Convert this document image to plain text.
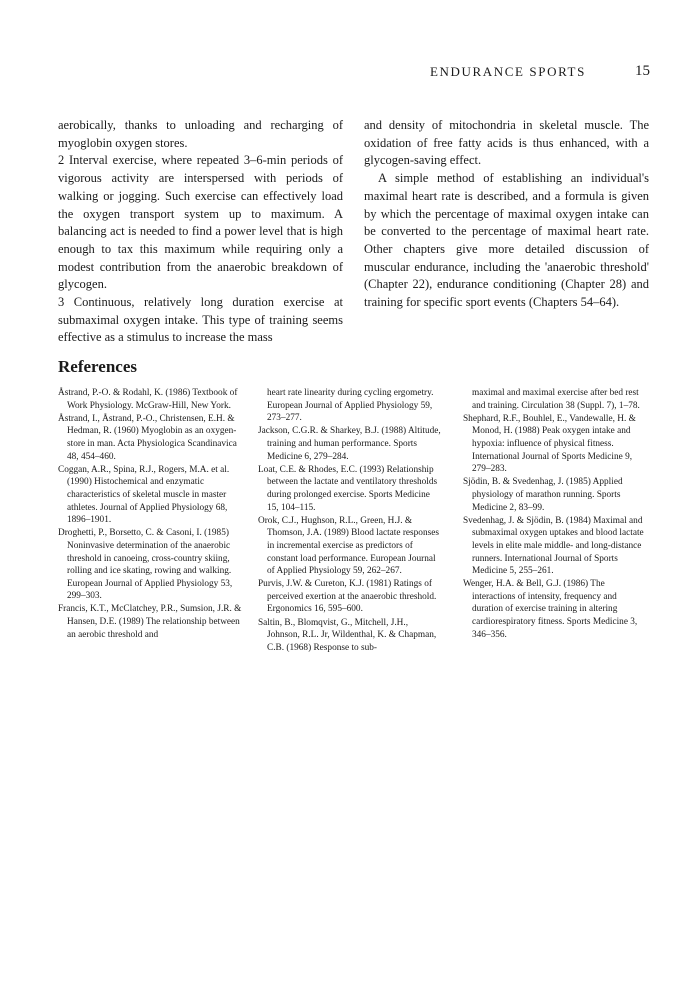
ENDURANCE SPORTS	15

aerobically, thanks to unloading and recharging of myoglobin oxygen stores.

2 Interval exercise, where repeated 3–6-min periods of vigorous activity are interspersed with periods of walking or jogging. Such exercise can effectively load the oxygen transport system up to maximum. A balancing act is needed to find a power level that is high enough to tax this maximum while requiring only a modest contribution from the anaerobic breakdown of glycogen.

3 Continuous, relatively long duration exercise at submaximal oxygen intake. This type of training seems effective as a stimulus to increase the mass

and density of mitochondria in skeletal muscle. The oxidation of free fatty acids is thus enhanced, with a glycogen-saving effect.

A simple method of establishing an individual's maximal heart rate is described, and a formula is given by which the percentage of maximal oxygen intake can be converted to the percentage of maximal heart rate. Other chapters give more detailed discussion of muscular endurance, including the 'anaerobic threshold' (Chapter 22), endurance conditioning (Chapter 28) and training for specific sport events (Chapters 54–64).

References

Åstrand, P.-O. & Rodahl, K. (1986) Textbook of Work Physiology. McGraw-Hill, New York.

Åstrand, I., Åstrand, P.-O., Christensen, E.H. & Hedman, R. (1960) Myoglobin as an oxygen-store in man. Acta Physiologica Scandinavica 48, 454–460.

Coggan, A.R., Spina, R.J., Rogers, M.A. et al. (1990) Histochemical and enzymatic characteristics of skeletal muscle in master athletes. Journal of Applied Physiology 68, 1896–1901.

Droghetti, P., Borsetto, C. & Casoni, I. (1985) Noninvasive determination of the anaerobic threshold in canoeing, cross-country skiing, rolling and ice skating, rowing and walking. European Journal of Applied Physiology 53, 299–303.

Francis, K.T., McClatchey, P.R., Sumsion, J.R. & Hansen, D.E. (1989) The relationship between an aerobic threshold and

heart rate linearity during cycling ergometry. European Journal of Applied Physiology 59, 273–277.

Jackson, C.G.R. & Sharkey, B.J. (1988) Altitude, training and human performance. Sports Medicine 6, 279–284.

Loat, C.E. & Rhodes, E.C. (1993) Relationship between the lactate and ventilatory thresholds during prolonged exercise. Sports Medicine 15, 104–115.

Orok, C.J., Hughson, R.L., Green, H.J. & Thomson, J.A. (1989) Blood lactate responses in incremental exercise as predictors of constant load performance. European Journal of Applied Physiology 59, 262–267.

Purvis, J.W. & Cureton, K.J. (1981) Ratings of perceived exertion at the anaerobic threshold. Ergonomics 16, 595–600.

Saltin, B., Blomqvist, G., Mitchell, J.H., Johnson, R.L. Jr, Wildenthal, K. & Chapman, C.B. (1968) Response to sub-

maximal and maximal exercise after bed rest and training. Circulation 38 (Suppl. 7), 1–78.

Shephard, R.F., Bouhlel, E., Vandewalle, H. & Monod, H. (1988) Peak oxygen intake and hypoxia: influence of physical fitness. International Journal of Sports Medicine 9, 279–283.

Sjödin, B. & Svedenhag, J. (1985) Applied physiology of marathon running. Sports Medicine 2, 83–99.

Svedenhag, J. & Sjödin, B. (1984) Maximal and submaximal oxygen uptakes and blood lactate levels in elite male middle- and long-distance runners. International Journal of Sports Medicine 5, 255–261.

Wenger, H.A. & Bell, G.J. (1986) The interactions of intensity, frequency and duration of exercise training in altering cardiorespiratory fitness. Sports Medicine 3, 346–356.
